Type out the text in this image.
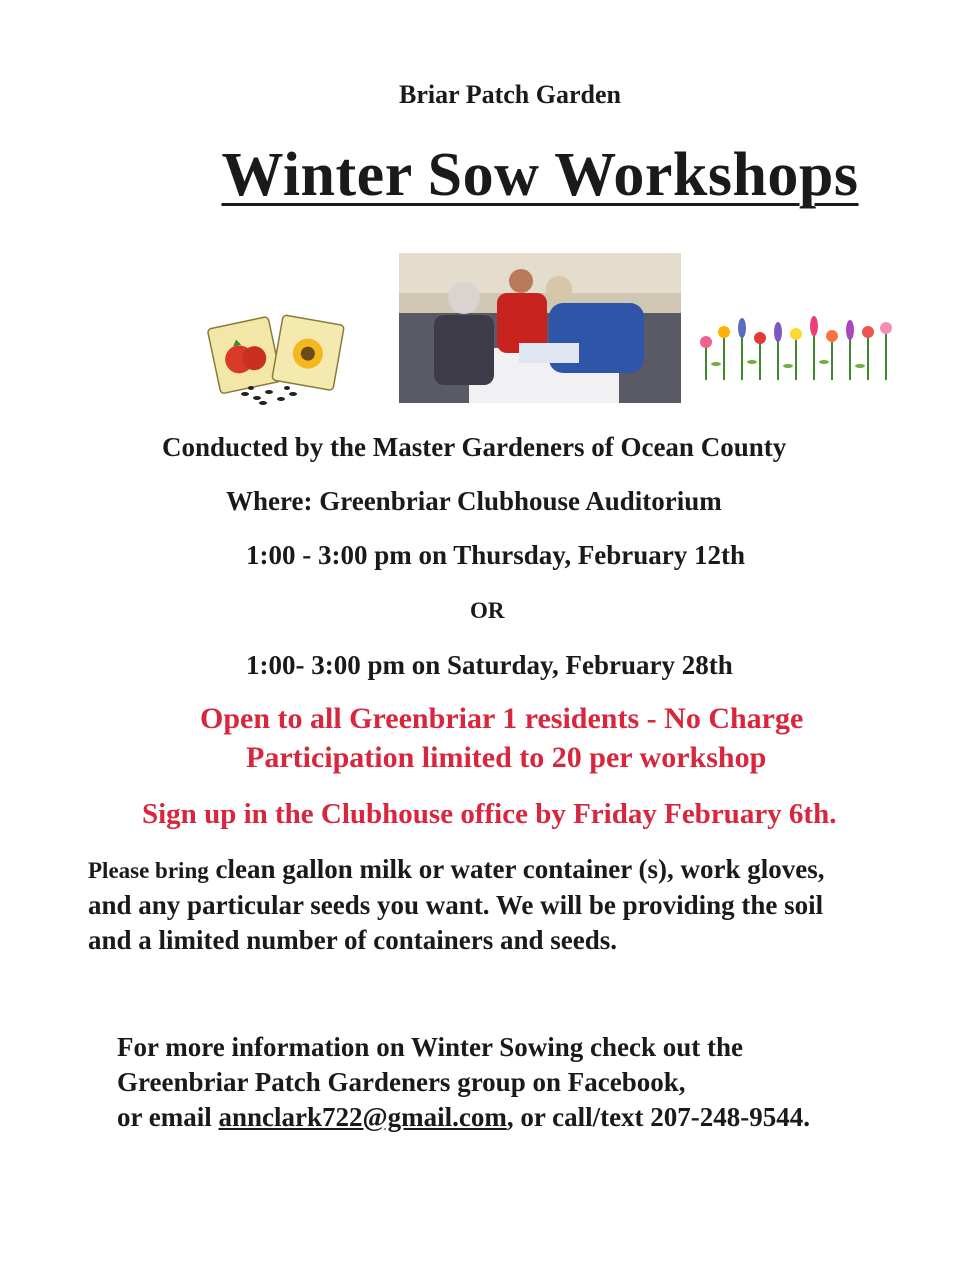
Briar Patch Garden
Winter Sow Workshops
Conducted by the Master Gardeners of Ocean County
Where: Greenbriar Clubhouse Auditorium
1:00 - 3:00 pm on Thursday, February 12th
OR
1:00- 3:00 pm on Saturday, February 28th
Open to all Greenbriar 1 residents - No Charge
Participation limited to 20 per workshop
Sign up in the Clubhouse office by Friday February 6th.
Please bring clean gallon milk or water container (s), work gloves,
and any particular seeds you want. We will be providing the soil
and a limited number of containers and seeds.
For more information on Winter Sowing check out the
Greenbriar Patch Gardeners group on Facebook,
or email annclark722@gmail.com, or call/text 207-248-9544.
